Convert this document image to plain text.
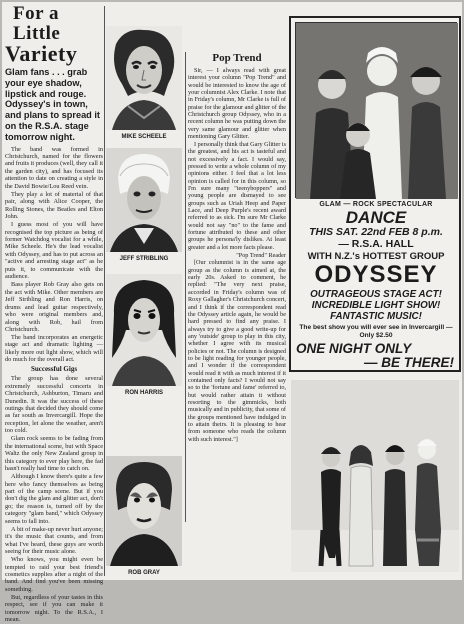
For a Little
Variety
Glam fans . . . grab your eye shadow, lipstick and rouge. Odyssey's in town, and plans to spread it on the R.S.A. stage tomorrow night.

The band was formed in Christchurch, named for the flowers and fruits it produces (well, they call it the garden city), and has focused its attention to date on creating a style in the David Bowie/Lou Reed vein.

They play a lot of material of that pair, along with Alice Cooper, the Rolling Stones, the Beatles and Elton John.

I guess most of you will have recognised the top picture as being of former Watchdog vocalist for a while, Mike Scheele. He's the lead vocalist with Odyssey, and has to put across an "active and arresting stage act" as he puts it, to communicate with the audience.

Bass player Rob Gray also gets on the act with Mike. Other members are Jeff Stribling and Ron Harris, on drums and lead guitar respectively, who were original members and, along with Rob, hail from Christchurch.

The band incorporates an energetic stage act and dramatic lighting — likely more out light show, which will do much for the overall act.

Successful Gigs

The group has done several extremely successful concerts in Christchurch, Ashburton, Timaru and Dunedin. It was the success of these outings that decided they should come as far south as Invercargill. Hope the reception, let alone the weather, aren't too cold.

Glam rock seems to be fading from the international scene, but with Space Waltz the only New Zealand group in this category to ever play here, the fad hasn't really had time to catch on.

Although I know there's quite a few here who fancy themselves as being part of the camp scene. But if you don't dig the glam and glitter act, don't go; the reason is, turned off by the category "glam band," which Odyssey seems to fall into.

A bit of make-up never hurt anyone; it's the music that counts, and from what I've heard, these guys are worth seeing for their music alone.

Who knows, you might even be tempted to raid your best friend's cosmetics supplies after a night of the band. And find you've been missing something.

But, regardless of your tastes in this respect, see if you can make it tomorrow night. To the R.S.A., I mean.

MIKE SCHEELE
JEFF STRIBLING
RON HARRIS
ROB GRAY
Pop Trend

Sir, — I always read with great interest your column "Pop Trend" and would be interested to know the age of your columnist Alex Clarke. I note that in Friday's column, Mr Clarke is full of praise for the glamour and glitter of the Christchurch group Odyssey, who in a recent column he was putting down the very same glamour and glitter when mentioning Gary Glitter.

I personally think that Gary Glitter is the greatest, and his act is tasteful and not excessively a fact. I would say, pressed to write a whole column of my opinions either. I feel that a lot less opinion is called for in this column, so I'm sure many "teenyboppers" and young people are dismayed to see groups such as Uriah Heep and Paper Lace, and Deep Purple's recent award referred to as sick. I'm sure Mr Clarke would not say "no" to the fame and fortune attributed to these and other groups he persona'ly dislikes. At least greater and a lot more facts please.

"Pop Trend" Reader

[Our columnist is in the same age group as the column is aimed at, the early 20s. Asked to comment, he replied: "The very next praise, accorded in Friday's column was of Roxy Gallagher's Christchurch concert, and I think if the correspondent read the Odyssey article again, he would be hard pressed to find any praise. I always try to give a good write-up for any 'outside' group to play in this city, whether I agree with its musical policies or not. The column is designed to be light reading for younger people, and I wonder if the correspondent would read it with as much interest if it contained only facts? I would not say so to the 'fortune and fame' referred to, but would rather attain it without resorting to the gimmicks, both musically and in publicity, that some of the groups mentioned have indulged in to attain theirs. It is pleasing to hear from someone who reads the column with such interest."]

GLAM — ROCK SPECTACULAR
DANCE
THIS SAT. 22nd FEB 8 p.m.
— R.S.A. HALL
WITH N.Z.'s HOTTEST GROUP
ODYSSEY
OUTRAGEOUS STAGE ACT!
INCREDIBLE LIGHT SHOW!
FANTASTIC MUSIC!
The best show you will ever see in Invercargill — Only $2.50
ONE NIGHT ONLY
— BE THERE!
